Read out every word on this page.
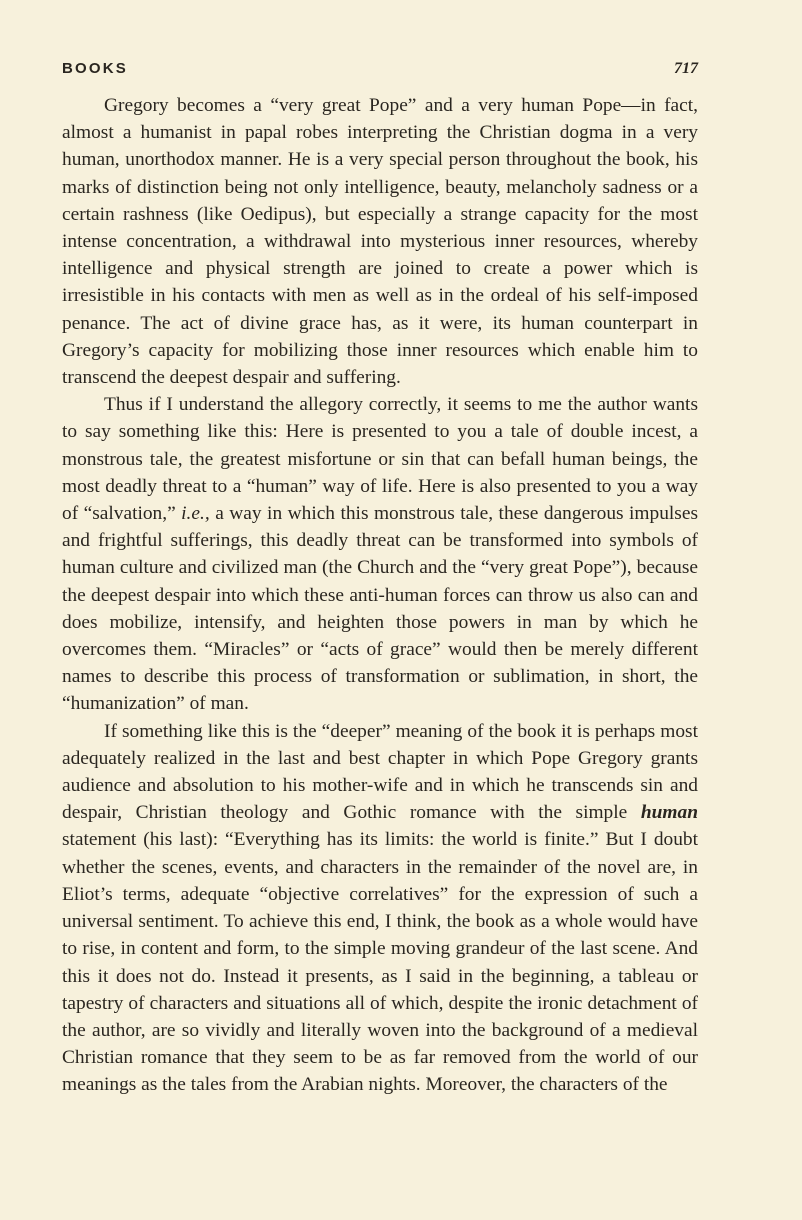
BOOKS	717

Gregory becomes a “very great Pope” and a very human Pope—in fact, almost a humanist in papal robes interpreting the Christian dogma in a very human, unorthodox manner. He is a very special person throughout the book, his marks of distinction being not only intelligence, beauty, melancholy sadness or a certain rashness (like Oedipus), but especially a strange capacity for the most intense concentration, a withdrawal into mysterious inner resources, whereby intelligence and physical strength are joined to create a power which is irresistible in his contacts with men as well as in the ordeal of his self-imposed penance. The act of divine grace has, as it were, its human counterpart in Gregory’s capacity for mobilizing those inner resources which enable him to transcend the deepest despair and suffering.

Thus if I understand the allegory correctly, it seems to me the author wants to say something like this: Here is presented to you a tale of double incest, a monstrous tale, the greatest misfortune or sin that can befall human beings, the most deadly threat to a “human” way of life. Here is also presented to you a way of “salvation,” i.e., a way in which this monstrous tale, these dangerous impulses and frightful sufferings, this deadly threat can be transformed into symbols of human culture and civilized man (the Church and the “very great Pope”), because the deepest despair into which these anti-human forces can throw us also can and does mobilize, intensify, and heighten those powers in man by which he overcomes them. “Miracles” or “acts of grace” would then be merely different names to describe this process of transformation or sublimation, in short, the “humanization” of man.

If something like this is the “deeper” meaning of the book it is perhaps most adequately realized in the last and best chapter in which Pope Gregory grants audience and absolution to his mother-wife and in which he transcends sin and despair, Christian theology and Gothic romance with the simple human statement (his last): “Everything has its limits: the world is finite.” But I doubt whether the scenes, events, and characters in the remainder of the novel are, in Eliot’s terms, adequate “objective correlatives” for the expression of such a universal sentiment. To achieve this end, I think, the book as a whole would have to rise, in content and form, to the simple moving grandeur of the last scene. And this it does not do. Instead it presents, as I said in the beginning, a tableau or tapestry of characters and situations all of which, despite the ironic detachment of the author, are so vividly and literally woven into the background of a medieval Christian romance that they seem to be as far removed from the world of our meanings as the tales from the Arabian nights. Moreover, the characters of the
